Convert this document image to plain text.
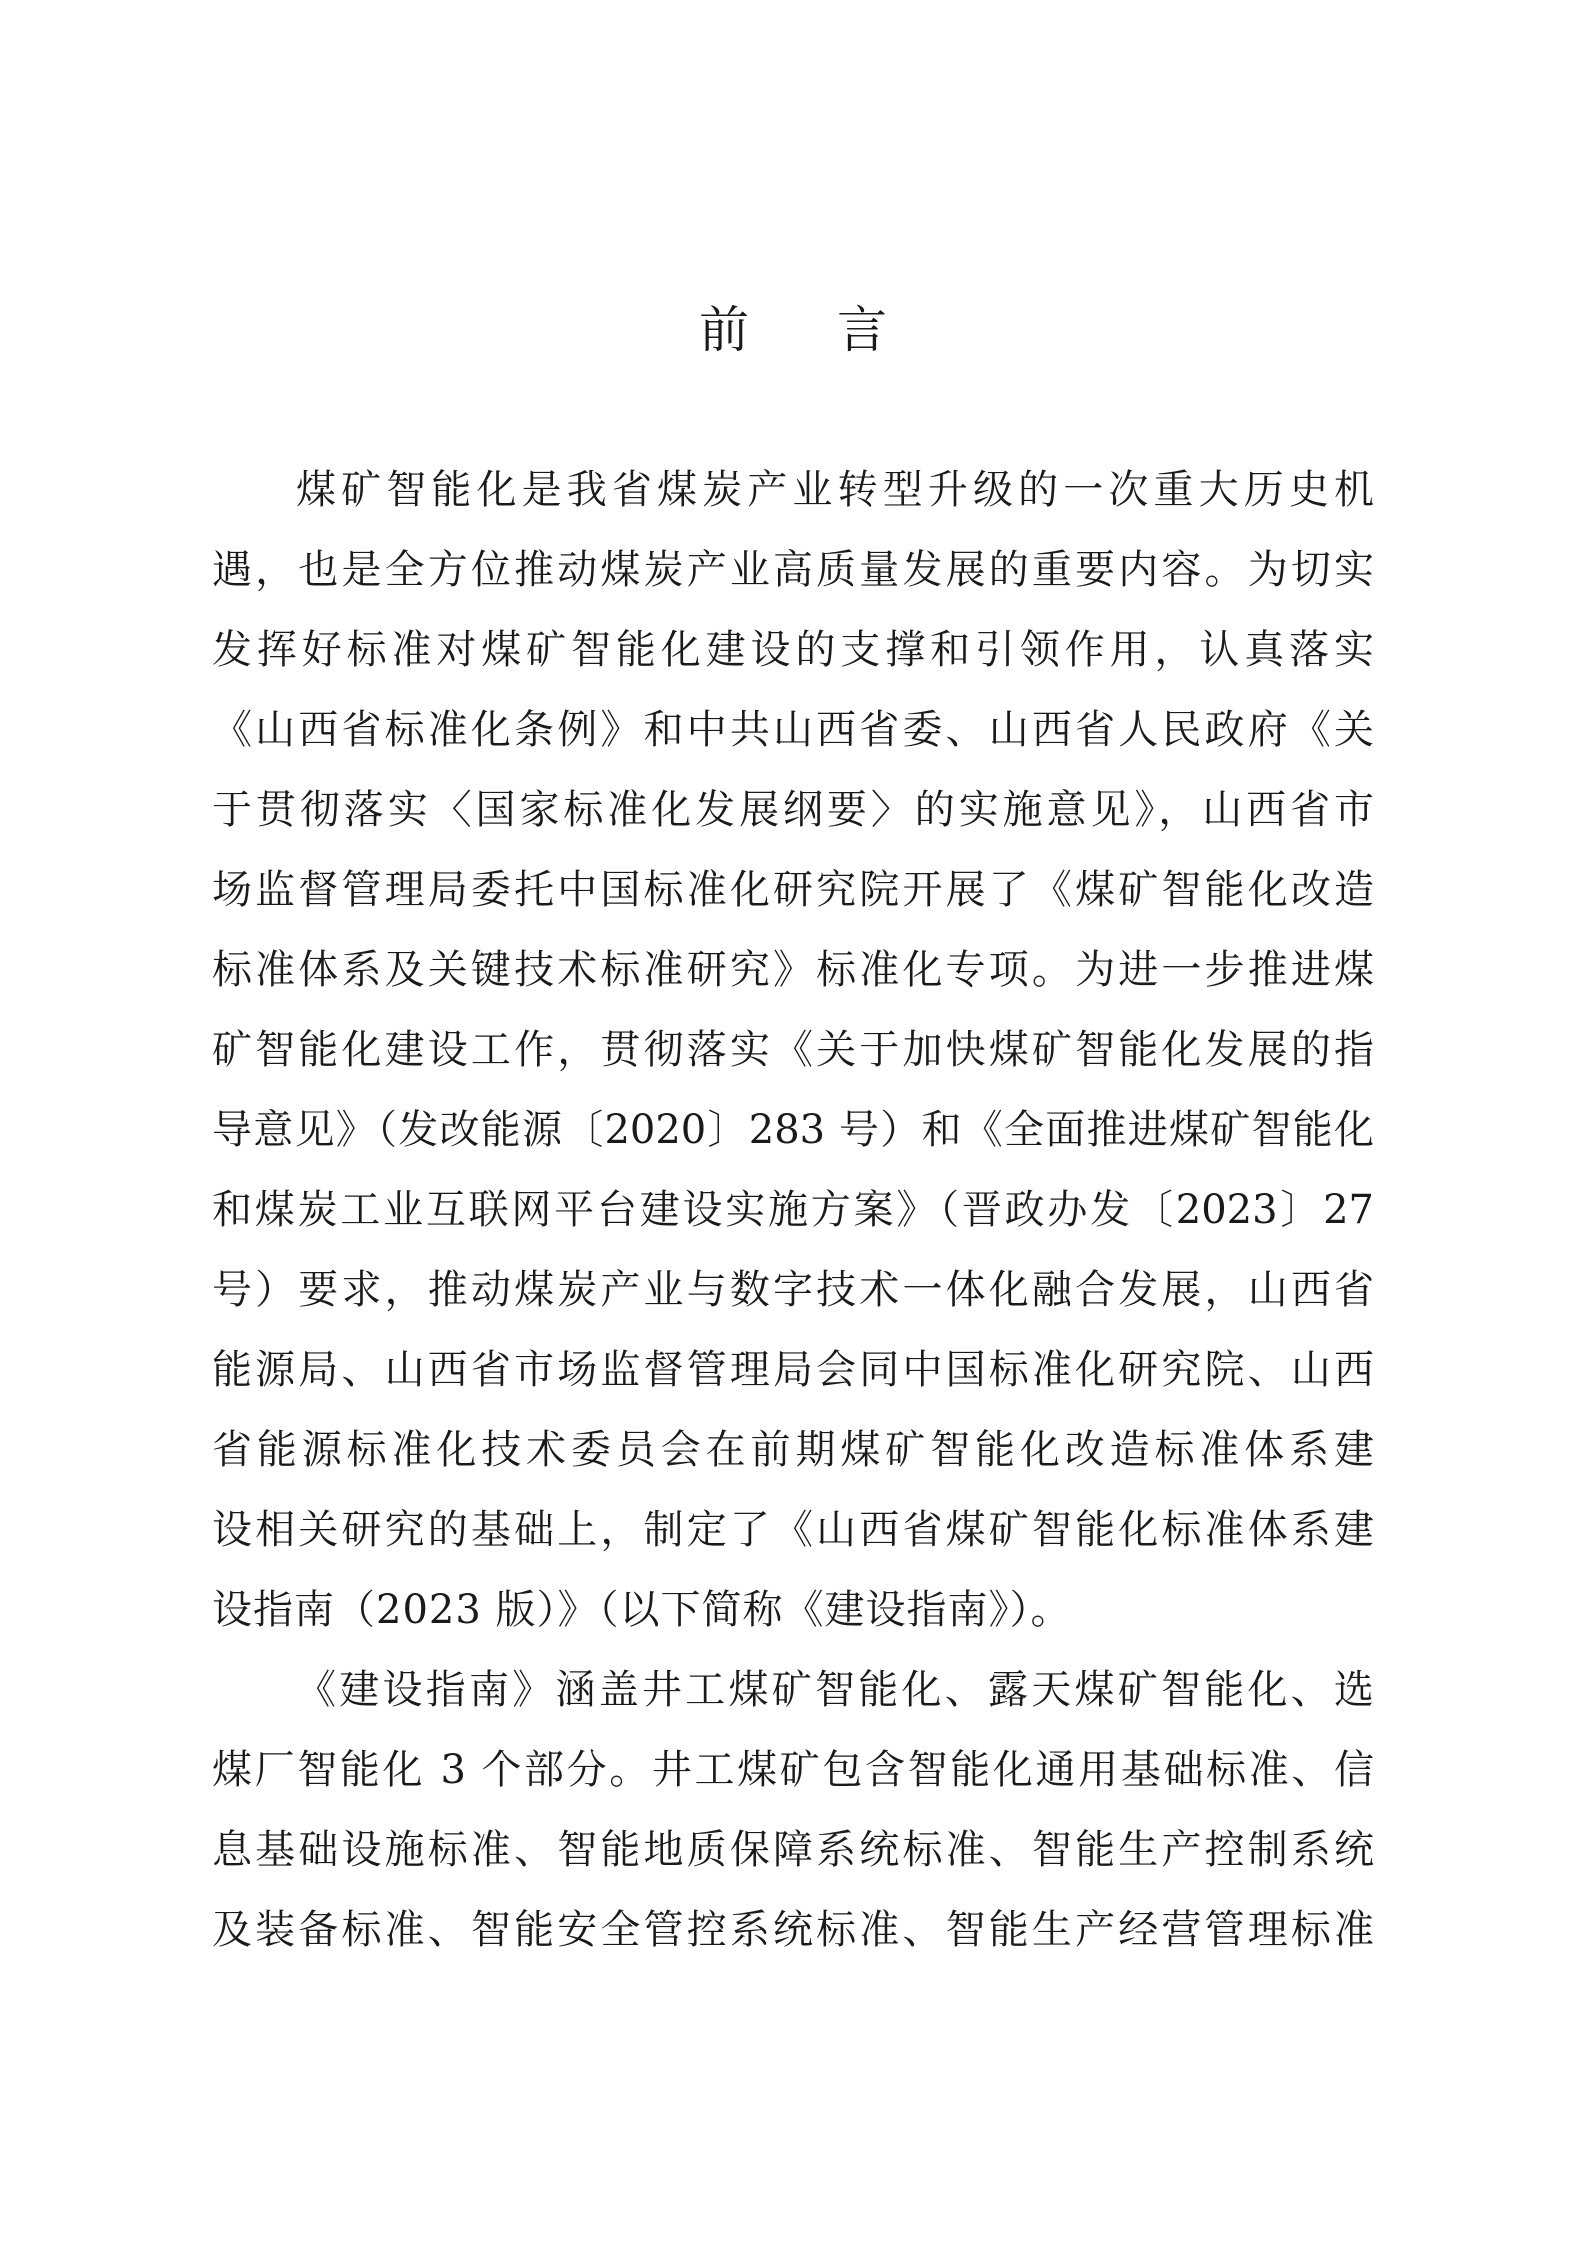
前 言
煤矿智能化是我省煤炭产业转型升级的一次重大历史机
遇，也是全方位推动煤炭产业高质量发展的重要内容。为切实
发挥好标准对煤矿智能化建设的支撑和引领作用，认真落实
《山西省标准化条例》和中共山西省委、山西省人民政府《关
于贯彻落实〈国家标准化发展纲要〉的实施意见》，山西省市
场监督管理局委托中国标准化研究院开展了《煤矿智能化改造
标准体系及关键技术标准研究》标准化专项。为进一步推进煤
矿智能化建设工作，贯彻落实《关于加快煤矿智能化发展的指
导意见》（发改能源〔2020〕283 号）和《全面推进煤矿智能化
和煤炭工业互联网平台建设实施方案》（晋政办发〔2023〕27
号）要求，推动煤炭产业与数字技术一体化融合发展，山西省
能源局、山西省市场监督管理局会同中国标准化研究院、山西
省能源标准化技术委员会在前期煤矿智能化改造标准体系建
设相关研究的基础上，制定了《山西省煤矿智能化标准体系建
设指南（2023 版）》（以下简称《建设指南》）。
《建设指南》涵盖井工煤矿智能化、露天煤矿智能化、选
煤厂智能化 3 个部分。井工煤矿包含智能化通用基础标准、信
息基础设施标准、智能地质保障系统标准、智能生产控制系统
及装备标准、智能安全管控系统标准、智能生产经营管理标准
